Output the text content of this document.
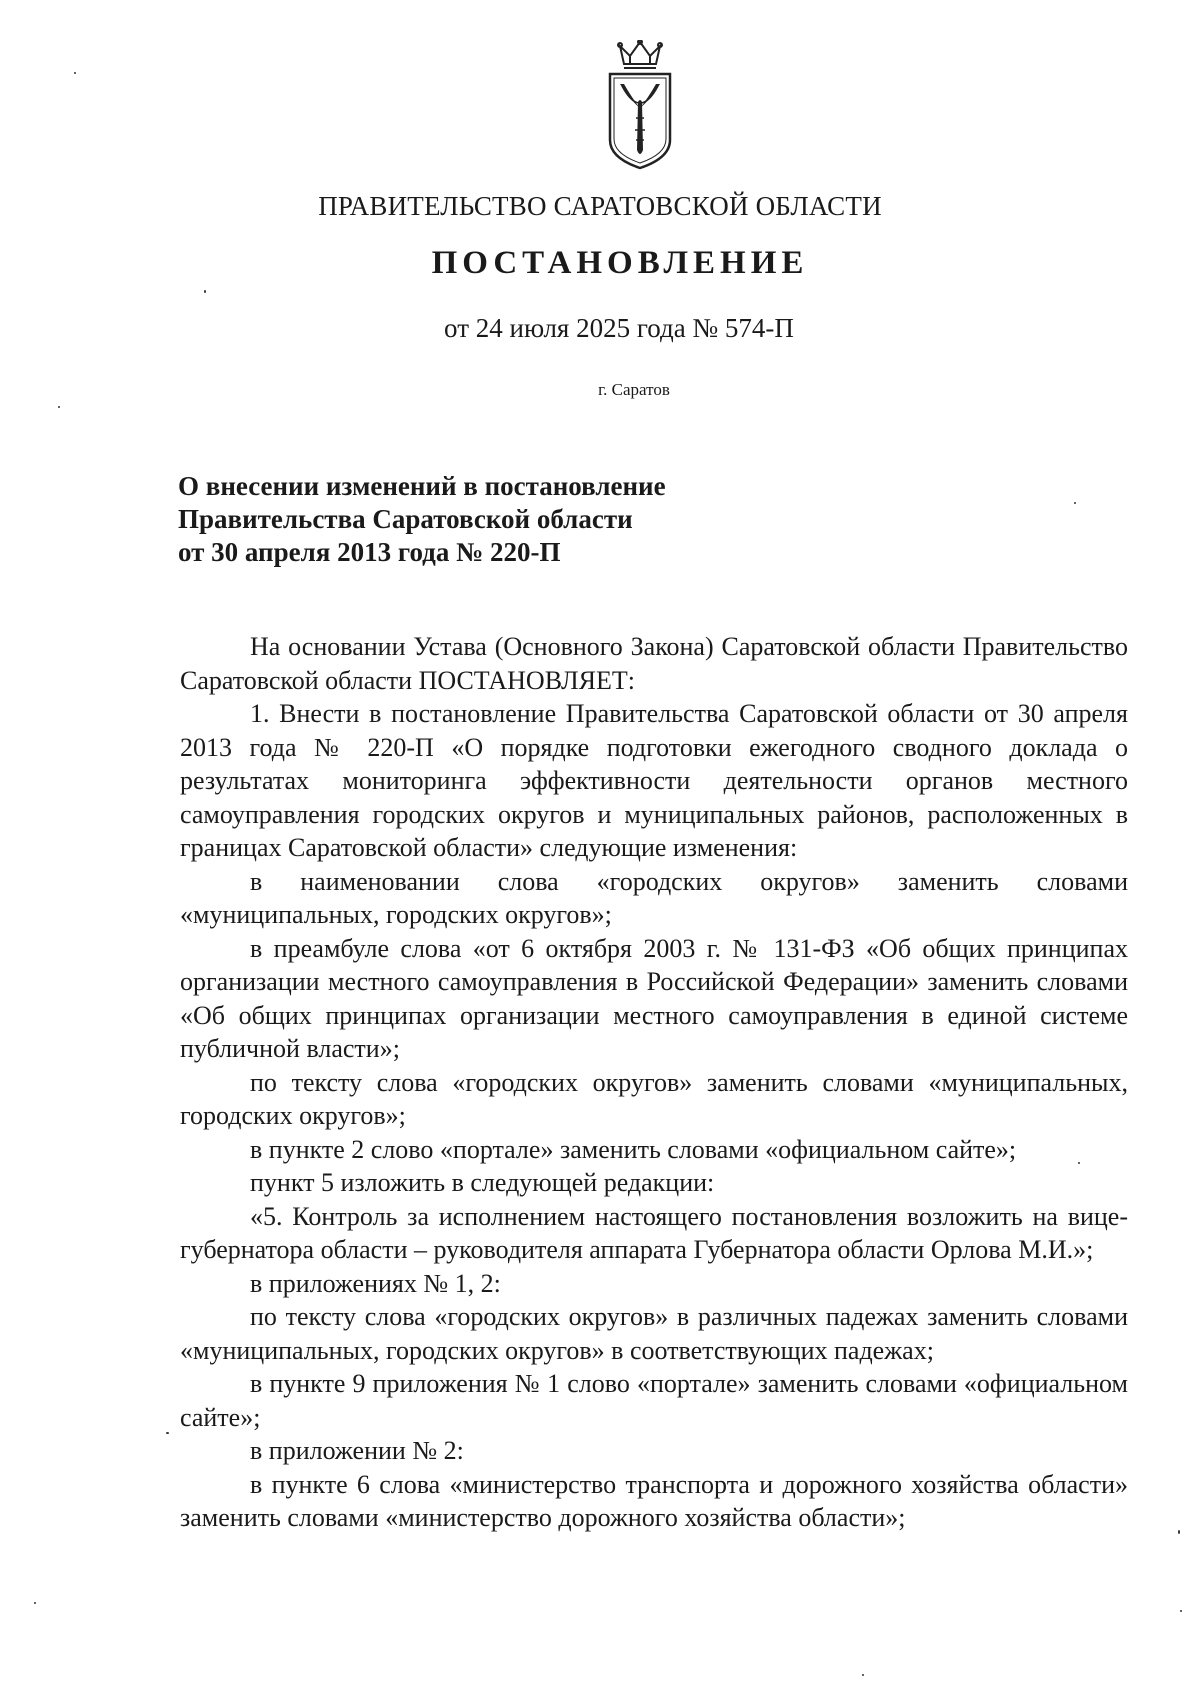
ПРАВИТЕЛЬСТВО САРАТОВСКОЙ ОБЛАСТИ
ПОСТАНОВЛЕНИЕ
от 24 июля 2025 года № 574-П
г. Саратов
О внесении изменений в постановление
Правительства Саратовской области
от 30 апреля 2013 года № 220-П

На основании Устава (Основного Закона) Саратовской области Правительство Саратовской области ПОСТАНОВЛЯЕТ:

1. Внести в постановление Правительства Саратовской области от 30 апреля 2013 года № 220-П «О порядке подготовки ежегодного сводного доклада о результатах мониторинга эффективности деятельности органов местного самоуправления городских округов и муниципальных районов, расположенных в границах Саратовской области» следующие изменения:

в наименовании слова «городских округов» заменить словами «муниципальных, городских округов»;

в преамбуле слова «от 6 октября 2003 г. № 131-ФЗ «Об общих принципах организации местного самоуправления в Российской Федерации» заменить словами «Об общих принципах организации местного самоуправления в единой системе публичной власти»;

по тексту слова «городских округов» заменить словами «муниципальных, городских округов»;

в пункте 2 слово «портале» заменить словами «официальном сайте»;

пункт 5 изложить в следующей редакции:

«5. Контроль за исполнением настоящего постановления возложить на вице-губернатора области – руководителя аппарата Губернатора области Орлова М.И.»;

в приложениях № 1, 2:

по тексту слова «городских округов» в различных падежах заменить словами «муниципальных, городских округов» в соответствующих падежах;

в пункте 9 приложения № 1 слово «портале» заменить словами «официальном сайте»;

в приложении № 2:

в пункте 6 слова «министерство транспорта и дорожного хозяйства области» заменить словами «министерство дорожного хозяйства области»;
